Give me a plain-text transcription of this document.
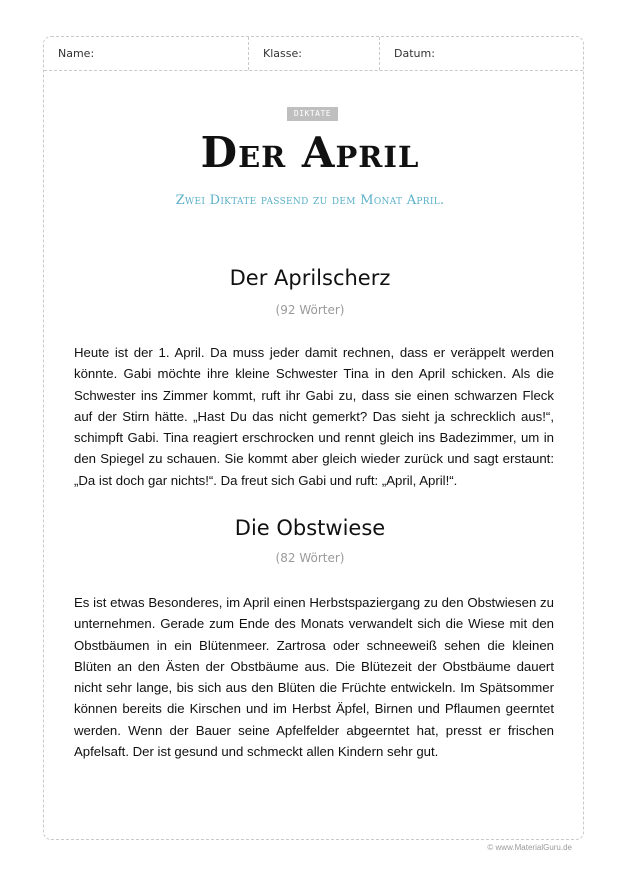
Name:	Klasse:	Datum:
DIKTATE
Der April
Zwei Diktate passend zu dem Monat April.
Der Aprilscherz
(92 Wörter)

Heute ist der 1. April. Da muss jeder damit rechnen, dass er veräppelt werden könnte. Gabi möchte ihre kleine Schwester Tina in den April schicken. Als die Schwester ins Zimmer kommt, ruft ihr Gabi zu, dass sie einen schwarzen Fleck auf der Stirn hätte. „Hast Du das nicht gemerkt? Das sieht ja schrecklich aus!“, schimpft Gabi. Tina reagiert erschrocken und rennt gleich ins Badezimmer, um in den Spiegel zu schauen. Sie kommt aber gleich wieder zurück und sagt erstaunt: „Da ist doch gar nichts!“. Da freut sich Gabi und ruft: „April, April!“.

Die Obstwiese
(82 Wörter)

Es ist etwas Besonderes, im April einen Herbstspaziergang zu den Obstwiesen zu unternehmen. Gerade zum Ende des Monats verwandelt sich die Wiese mit den Obstbäumen in ein Blütenmeer. Zartrosa oder schneeweiß sehen die kleinen Blüten an den Ästen der Obstbäume aus. Die Blütezeit der Obstbäume dauert nicht sehr lange, bis sich aus den Blüten die Früchte entwickeln. Im Spätsommer können bereits die Kirschen und im Herbst Äpfel, Birnen und Pflaumen geerntet werden. Wenn der Bauer seine Apfelfelder abgeerntet hat, presst er frischen Apfelsaft. Der ist gesund und schmeckt allen Kindern sehr gut.

© www.MaterialGuru.de
